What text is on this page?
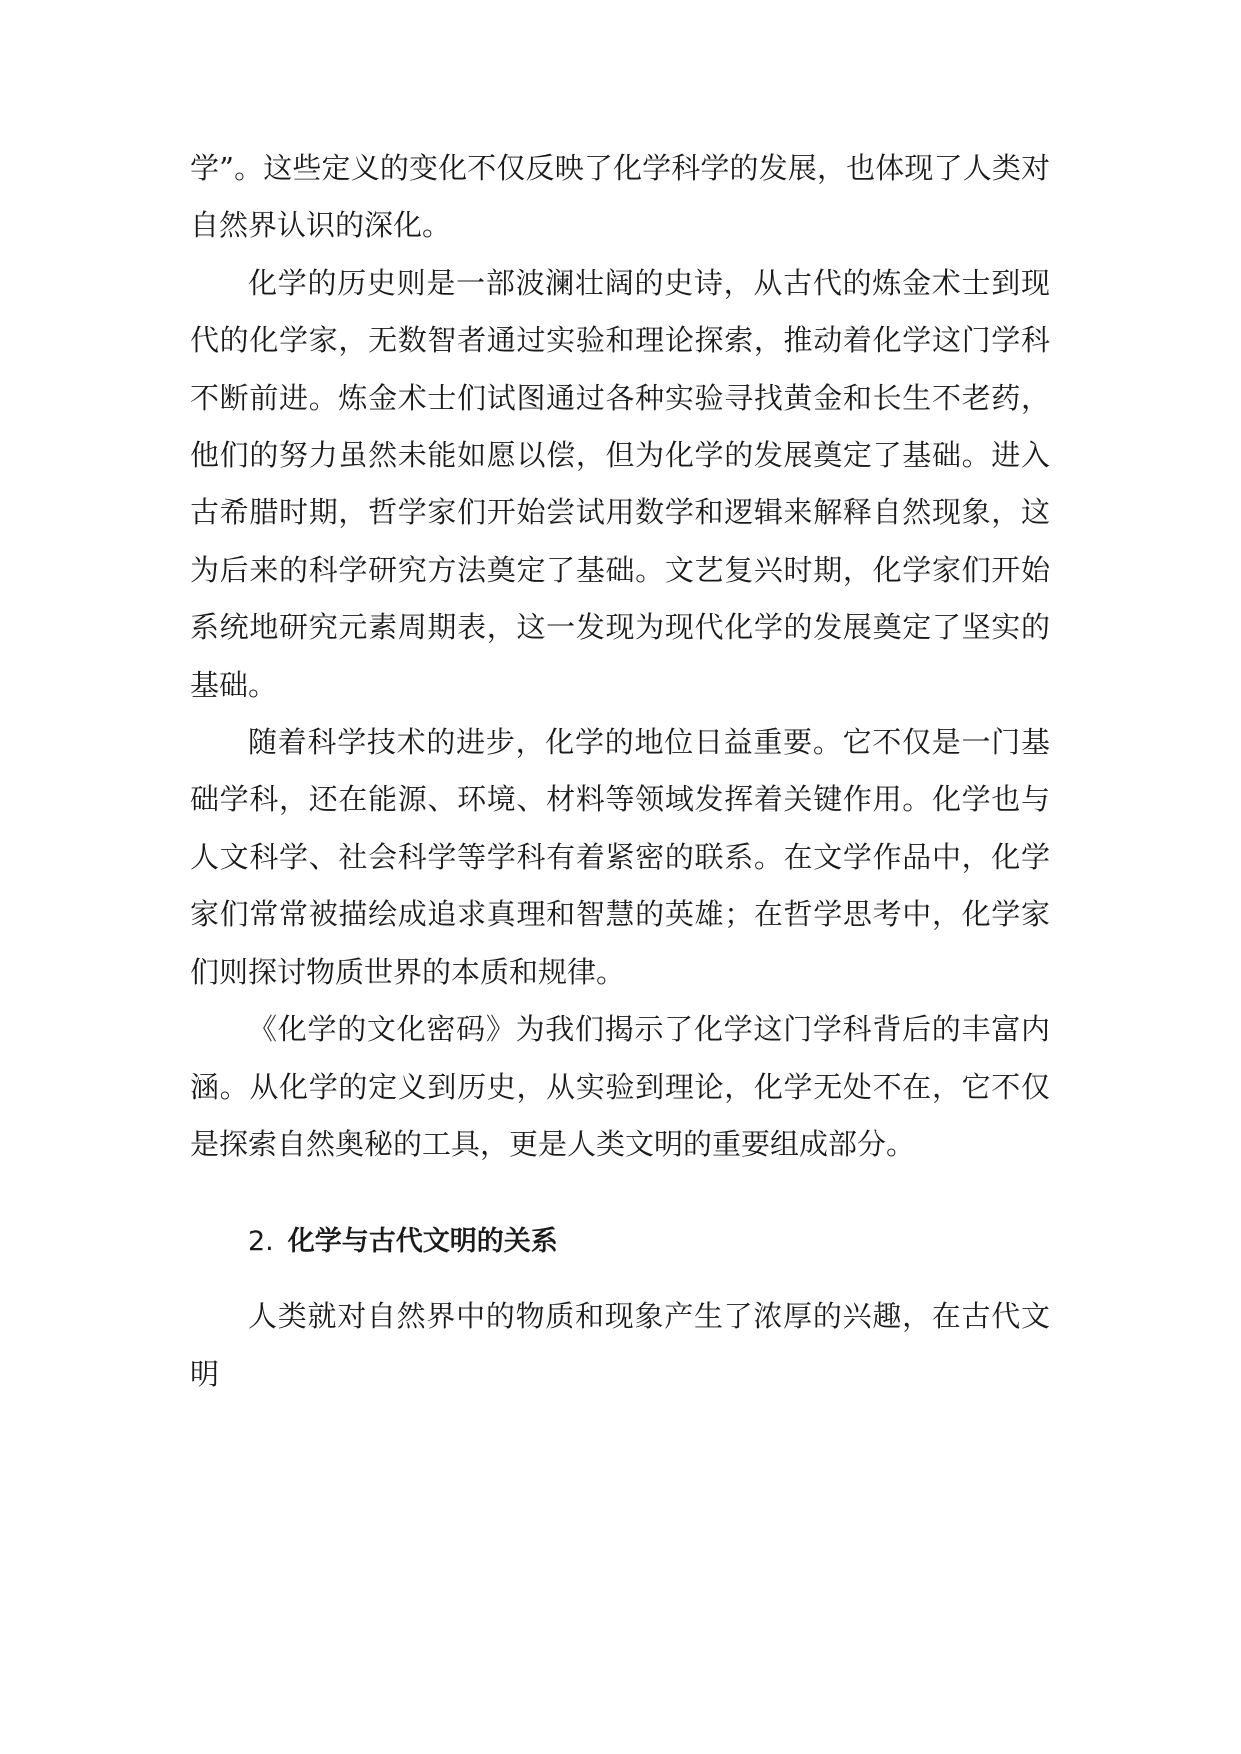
学”。这些定义的变化不仅反映了化学科学的发展，也体现了人类对自然界认识的深化。

化学的历史则是一部波澜壮阔的史诗，从古代的炼金术士到现代的化学家，无数智者通过实验和理论探索，推动着化学这门学科不断前进。炼金术士们试图通过各种实验寻找黄金和长生不老药，他们的努力虽然未能如愿以偿，但为化学的发展奠定了基础。进入古希腊时期，哲学家们开始尝试用数学和逻辑来解释自然现象，这为后来的科学研究方法奠定了基础。文艺复兴时期，化学家们开始系统地研究元素周期表，这一发现为现代化学的发展奠定了坚实的基础。

随着科学技术的进步，化学的地位日益重要。它不仅是一门基础学科，还在能源、环境、材料等领域发挥着关键作用。化学也与人文科学、社会科学等学科有着紧密的联系。在文学作品中，化学家们常常被描绘成追求真理和智慧的英雄；在哲学思考中，化学家们则探讨物质世界的本质和规律。

《化学的文化密码》为我们揭示了化学这门学科背后的丰富内涵。从化学的定义到历史，从实验到理论，化学无处不在，它不仅是探索自然奥秘的工具，更是人类文明的重要组成部分。

2. 化学与古代文明的关系

人类就对自然界中的物质和现象产生了浓厚的兴趣，在古代文明
